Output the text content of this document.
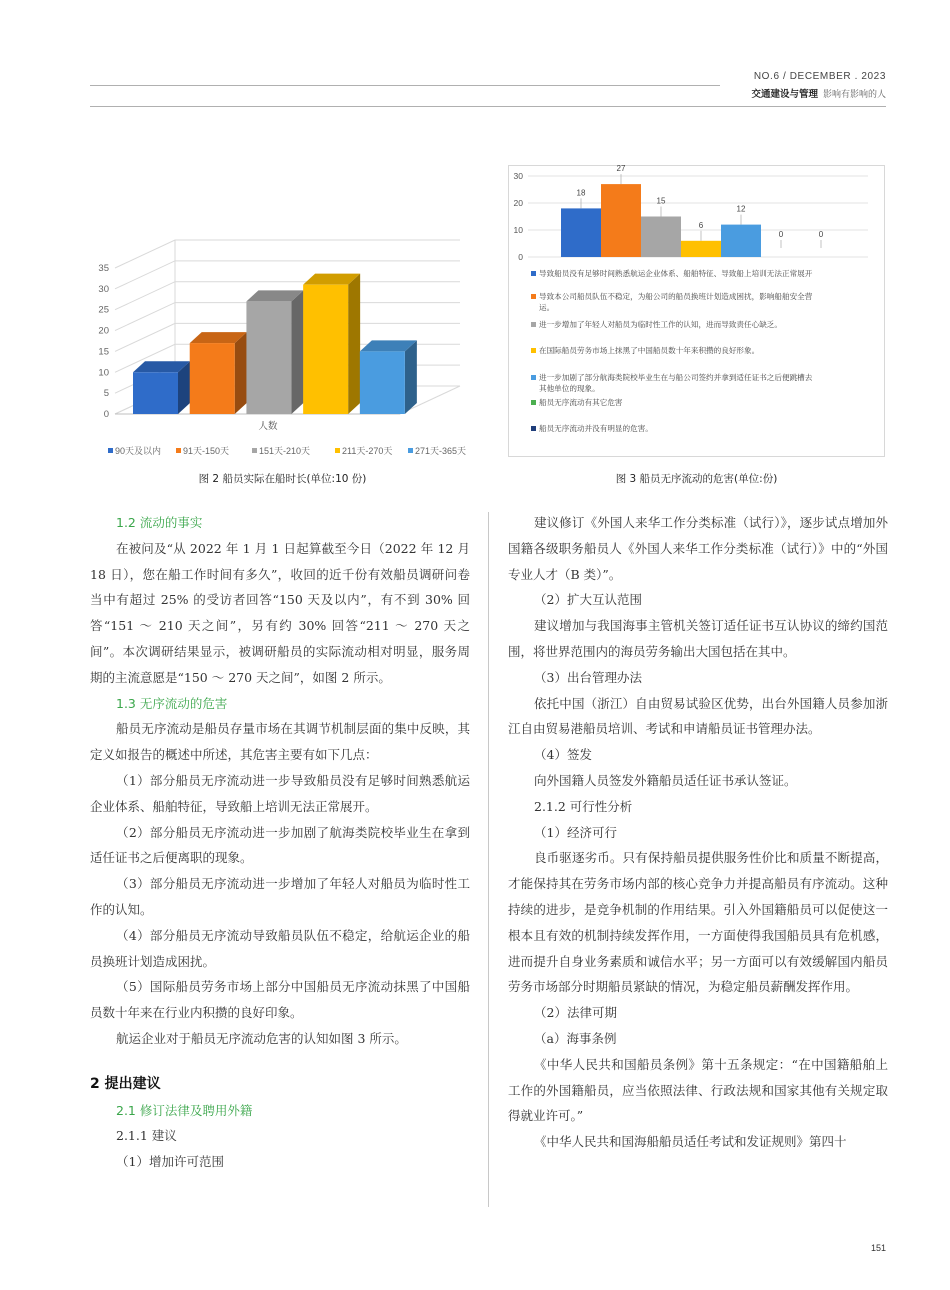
NO.6 / DECEMBER . 2023
交通建设与管理 影响有影响的人
0
5
10
15
20
25
30
35
人数
90天及以内 91天-150天	151天-210天	211天-270天	271天-365天
图 2 船员实际在船时长(单位:10 份)
18
27
15
6
12
0	0
0
10
20
30
导致船员没有足够时间熟悉航运企业体系、船舶特征、导致船上培训无法正常展开
导致本公司船员队伍不稳定，为船公司的船员换班计划造成困扰，影响船舶安全营
运。
进一步增加了年轻人对船员为临时性工作的认知，进而导致责任心缺乏。
在国际船员劳务市场上抹黑了中国船员数十年来积攒的良好形象。
进一步加剧了部分航海类院校毕业生在与船公司签约并拿到适任证书之后便跳槽去
其他单位的现象。
船员无序流动有其它危害
船员无序流动并没有明显的危害。
图 3 船员无序流动的危害(单位:份)

1.2 流动的事实

在被问及“从 2022 年 1 月 1 日起算截至今日（2022 年 12 月 18 日），您在船工作时间有多久”，收回的近千份有效船员调研问卷当中有超过 25% 的受访者回答“150 天及以内”，有不到 30% 回答“151 ～ 210 天之间”，另有约 30% 回答“211 ～ 270 天之间”。本次调研结果显示，被调研船员的实际流动相对明显，服务周期的主流意愿是“150 ～ 270 天之间”，如图 2 所示。

1.3 无序流动的危害

船员无序流动是船员存量市场在其调节机制层面的集中反映，其定义如报告的概述中所述，其危害主要有如下几点：

（1）部分船员无序流动进一步导致船员没有足够时间熟悉航运企业体系、船舶特征，导致船上培训无法正常展开。

（2）部分船员无序流动进一步加剧了航海类院校毕业生在拿到适任证书之后便离职的现象。

（3）部分船员无序流动进一步增加了年轻人对船员为临时性工作的认知。

（4）部分船员无序流动导致船员队伍不稳定，给航运企业的船员换班计划造成困扰。

（5）国际船员劳务市场上部分中国船员无序流动抹黑了中国船员数十年来在行业内积攒的良好印象。

航运企业对于船员无序流动危害的认知如图 3 所示。

2 提出建议

2.1 修订法律及聘用外籍

2.1.1 建议

（1）增加许可范围

建议修订《外国人来华工作分类标准（试行）》，逐步试点增加外国籍各级职务船员人《外国人来华工作分类标准（试行）》中的“外国专业人才（B 类）”。

（2）扩大互认范围

建议增加与我国海事主管机关签订适任证书互认协议的缔约国范围，将世界范围内的海员劳务输出大国包括在其中。

（3）出台管理办法

依托中国（浙江）自由贸易试验区优势，出台外国籍人员参加浙江自由贸易港船员培训、考试和申请船员证书管理办法。

（4）签发

向外国籍人员签发外籍船员适任证书承认签证。

2.1.2 可行性分析

（1）经济可行

良币驱逐劣币。只有保持船员提供服务性价比和质量不断提高，才能保持其在劳务市场内部的核心竞争力并提高船员有序流动。这种持续的进步，是竞争机制的作用结果。引入外国籍船员可以促使这一根本且有效的机制持续发挥作用，一方面使得我国船员具有危机感，进而提升自身业务素质和诚信水平；另一方面可以有效缓解国内船员劳务市场部分时期船员紧缺的情况，为稳定船员薪酬发挥作用。

（2）法律可期

（a）海事条例

《中华人民共和国船员条例》第十五条规定：“在中国籍船舶上工作的外国籍船员，应当依照法律、行政法规和国家其他有关规定取得就业许可。”

《中华人民共和国海船船员适任考试和发证规则》第四十

151
